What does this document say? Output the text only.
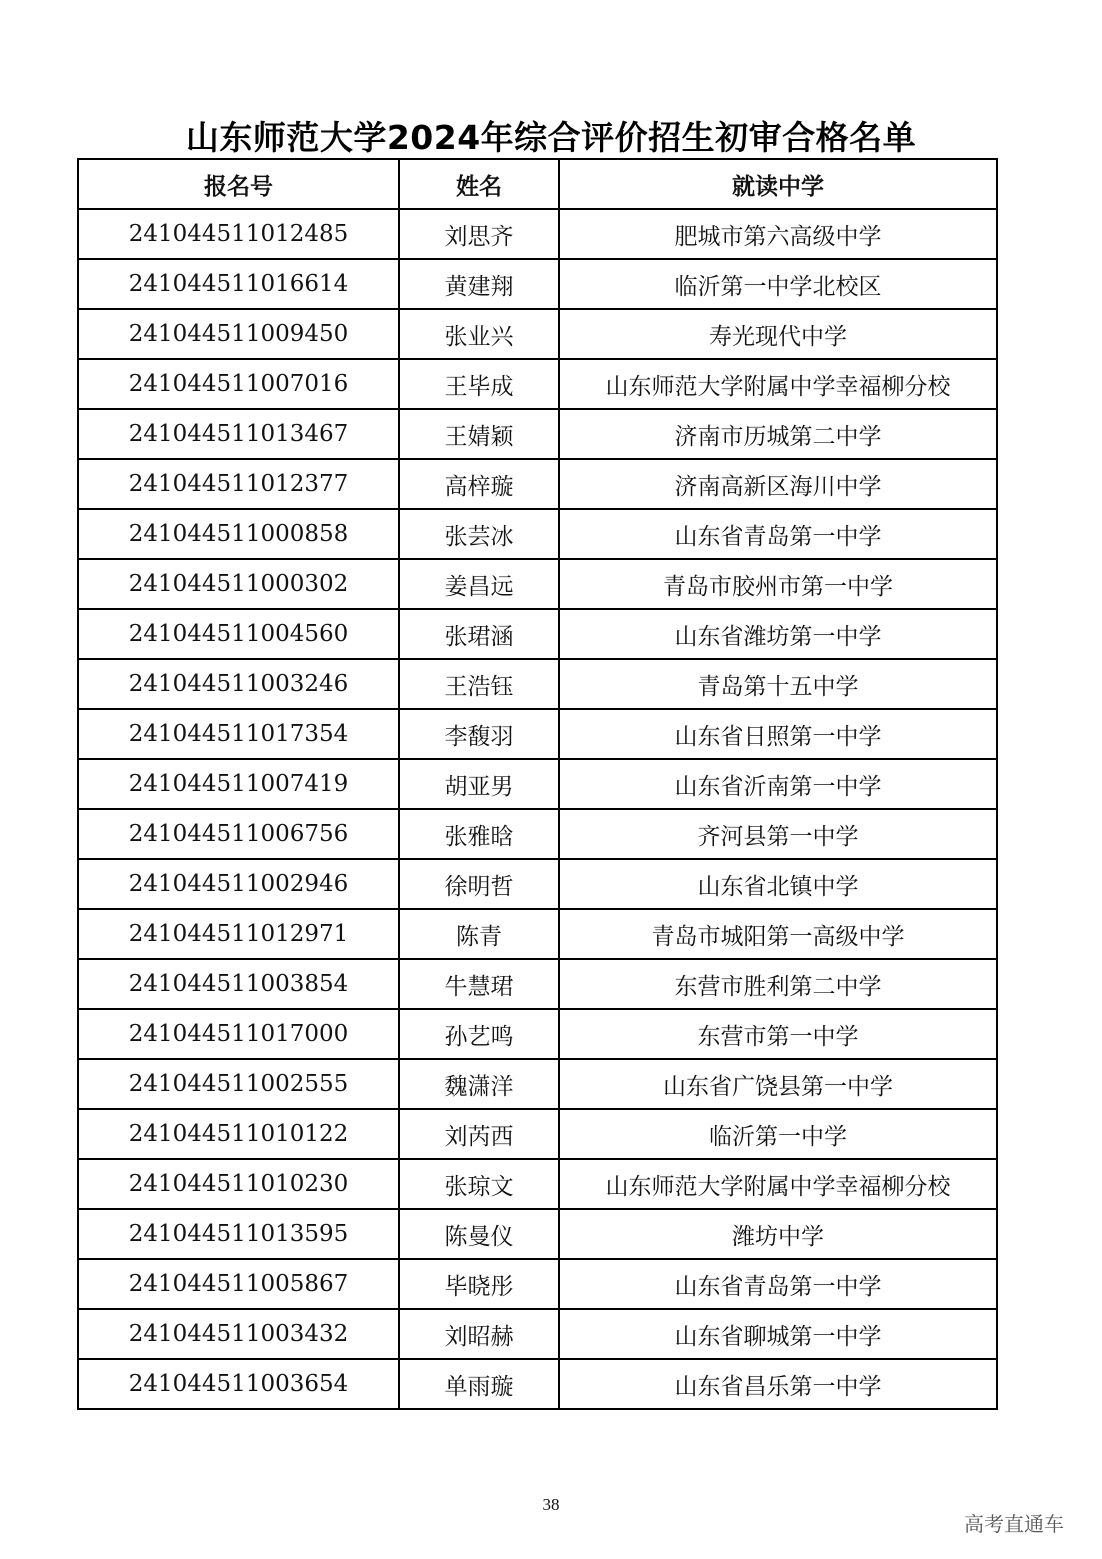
山东师范大学2024年综合评价招生初审合格名单
报名号	姓名	就读中学
241044511012485	刘思齐	肥城市第六高级中学
241044511016614	黄建翔	临沂第一中学北校区
241044511009450	张业兴	寿光现代中学
241044511007016	王毕成	山东师范大学附属中学幸福柳分校
241044511013467	王婧颖	济南市历城第二中学
241044511012377	高梓璇	济南高新区海川中学
241044511000858	张芸冰	山东省青岛第一中学
241044511000302	姜昌远	青岛市胶州市第一中学
241044511004560	张珺涵	山东省潍坊第一中学
241044511003246	王浩钰	青岛第十五中学
241044511017354	李馥羽	山东省日照第一中学
241044511007419	胡亚男	山东省沂南第一中学
241044511006756	张雅晗	齐河县第一中学
241044511002946	徐明哲	山东省北镇中学
241044511012971	陈青	青岛市城阳第一高级中学
241044511003854	牛慧珺	东营市胜利第二中学
241044511017000	孙艺鸣	东营市第一中学
241044511002555	魏潇洋	山东省广饶县第一中学
241044511010122	刘芮西	临沂第一中学
241044511010230	张琼文	山东师范大学附属中学幸福柳分校
241044511013595	陈曼仪	潍坊中学
241044511005867	毕晓彤	山东省青岛第一中学
241044511003432	刘昭赫	山东省聊城第一中学
241044511003654	单雨璇	山东省昌乐第一中学
38
高考直通车
